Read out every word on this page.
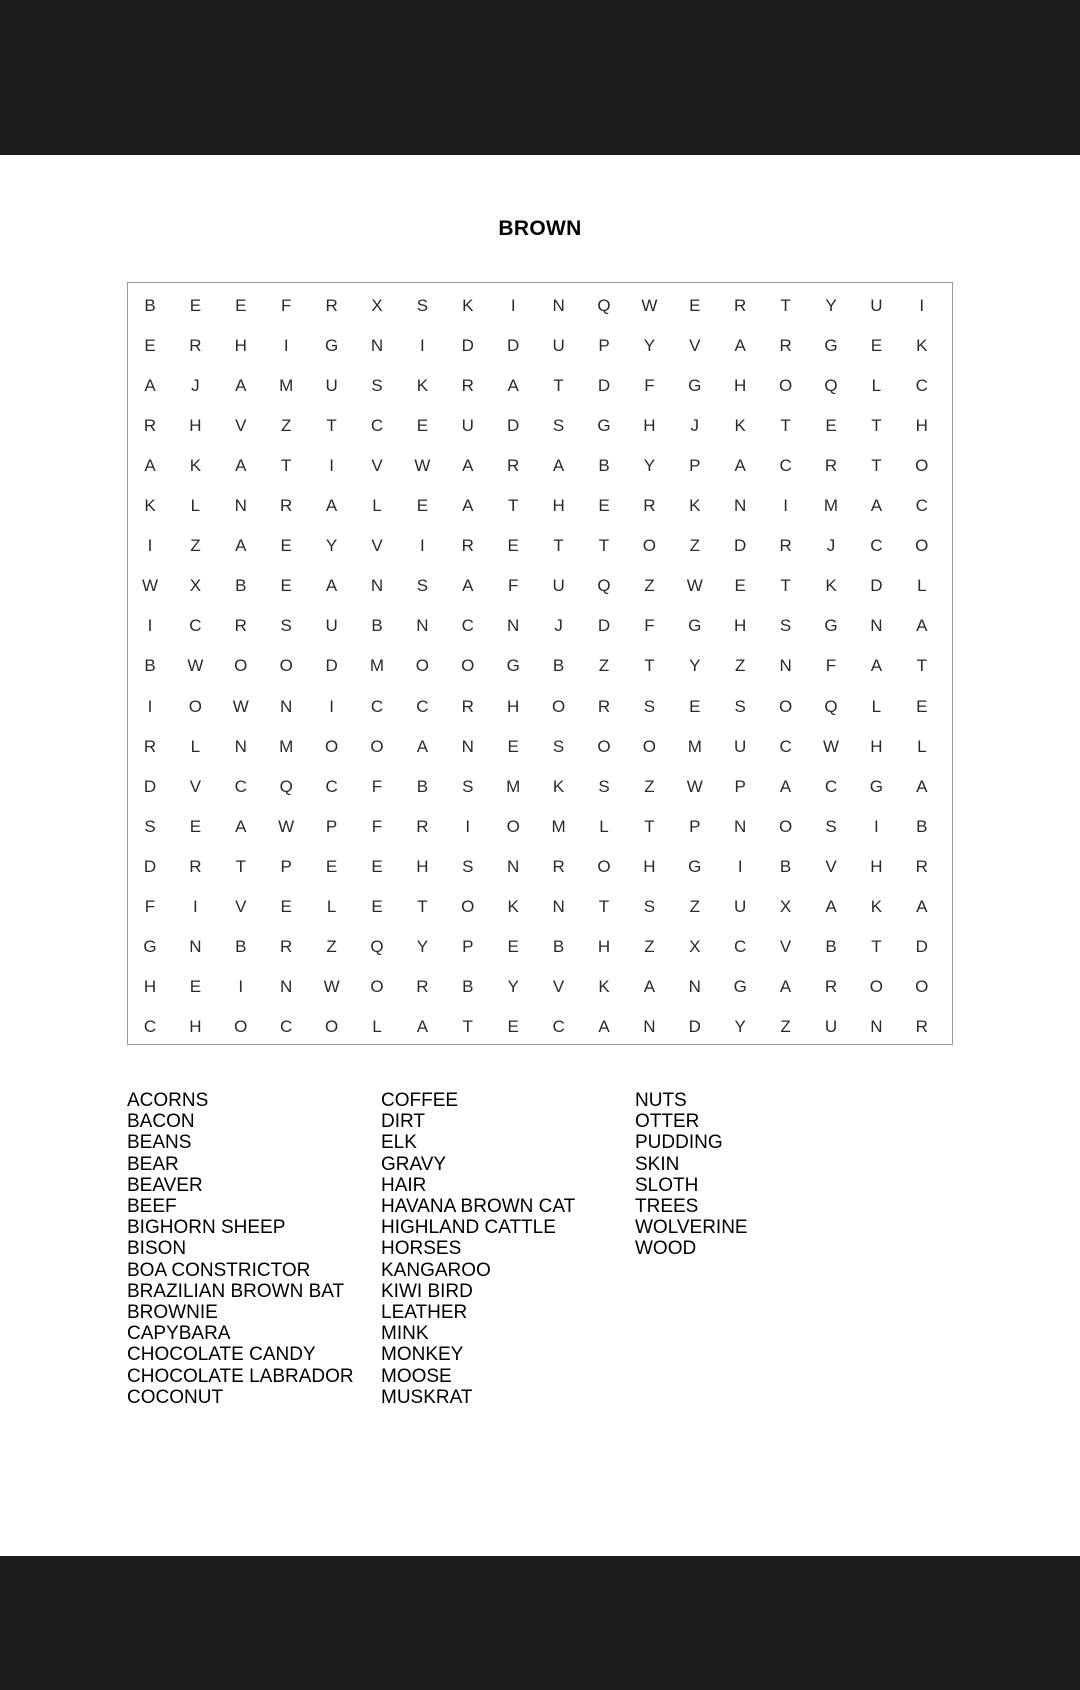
BROWN
B	E	E	F	R	X	S	K	I	N	Q	W	E	R	T	Y	U	I
E	R	H	I	G	N	I	D	D	U	P	Y	V	A	R	G	E	K
A	J	A	M	U	S	K	R	A	T	D	F	G	H	O	Q	L	C
R	H	V	Z	T	C	E	U	D	S	G	H	J	K	T	E	T	H
A	K	A	T	I	V	W	A	R	A	B	Y	P	A	C	R	T	O
K	L	N	R	A	L	E	A	T	H	E	R	K	N	I	M	A	C
I	Z	A	E	Y	V	I	R	E	T	T	O	Z	D	R	J	C	O
W	X	B	E	A	N	S	A	F	U	Q	Z	W	E	T	K	D	L
I	C	R	S	U	B	N	C	N	J	D	F	G	H	S	G	N	A
B	W	O	O	D	M	O	O	G	B	Z	T	Y	Z	N	F	A	T
I	O	W	N	I	C	C	R	H	O	R	S	E	S	O	Q	L	E
R	L	N	M	O	O	A	N	E	S	O	O	M	U	C	W	H	L
D	V	C	Q	C	F	B	S	M	K	S	Z	W	P	A	C	G	A
S	E	A	W	P	F	R	I	O	M	L	T	P	N	O	S	I	B
D	R	T	P	E	E	H	S	N	R	O	H	G	I	B	V	H	R
F	I	V	E	L	E	T	O	K	N	T	S	Z	U	X	A	K	A
G	N	B	R	Z	Q	Y	P	E	B	H	Z	X	C	V	B	T	D
H	E	I	N	W	O	R	B	Y	V	K	A	N	G	A	R	O	O
C	H	O	C	O	L	A	T	E	C	A	N	D	Y	Z	U	N	R
ACORNS
BACON
BEANS
BEAR
BEAVER
BEEF
BIGHORN SHEEP
BISON
BOA CONSTRICTOR
BRAZILIAN BROWN BAT
BROWNIE
CAPYBARA
CHOCOLATE CANDY
CHOCOLATE LABRADOR
COCONUT
COFFEE
DIRT
ELK
GRAVY
HAIR
HAVANA BROWN CAT
HIGHLAND CATTLE
HORSES
KANGAROO
KIWI BIRD
LEATHER
MINK
MONKEY
MOOSE
MUSKRAT
NUTS
OTTER
PUDDING
SKIN
SLOTH
TREES
WOLVERINE
WOOD
